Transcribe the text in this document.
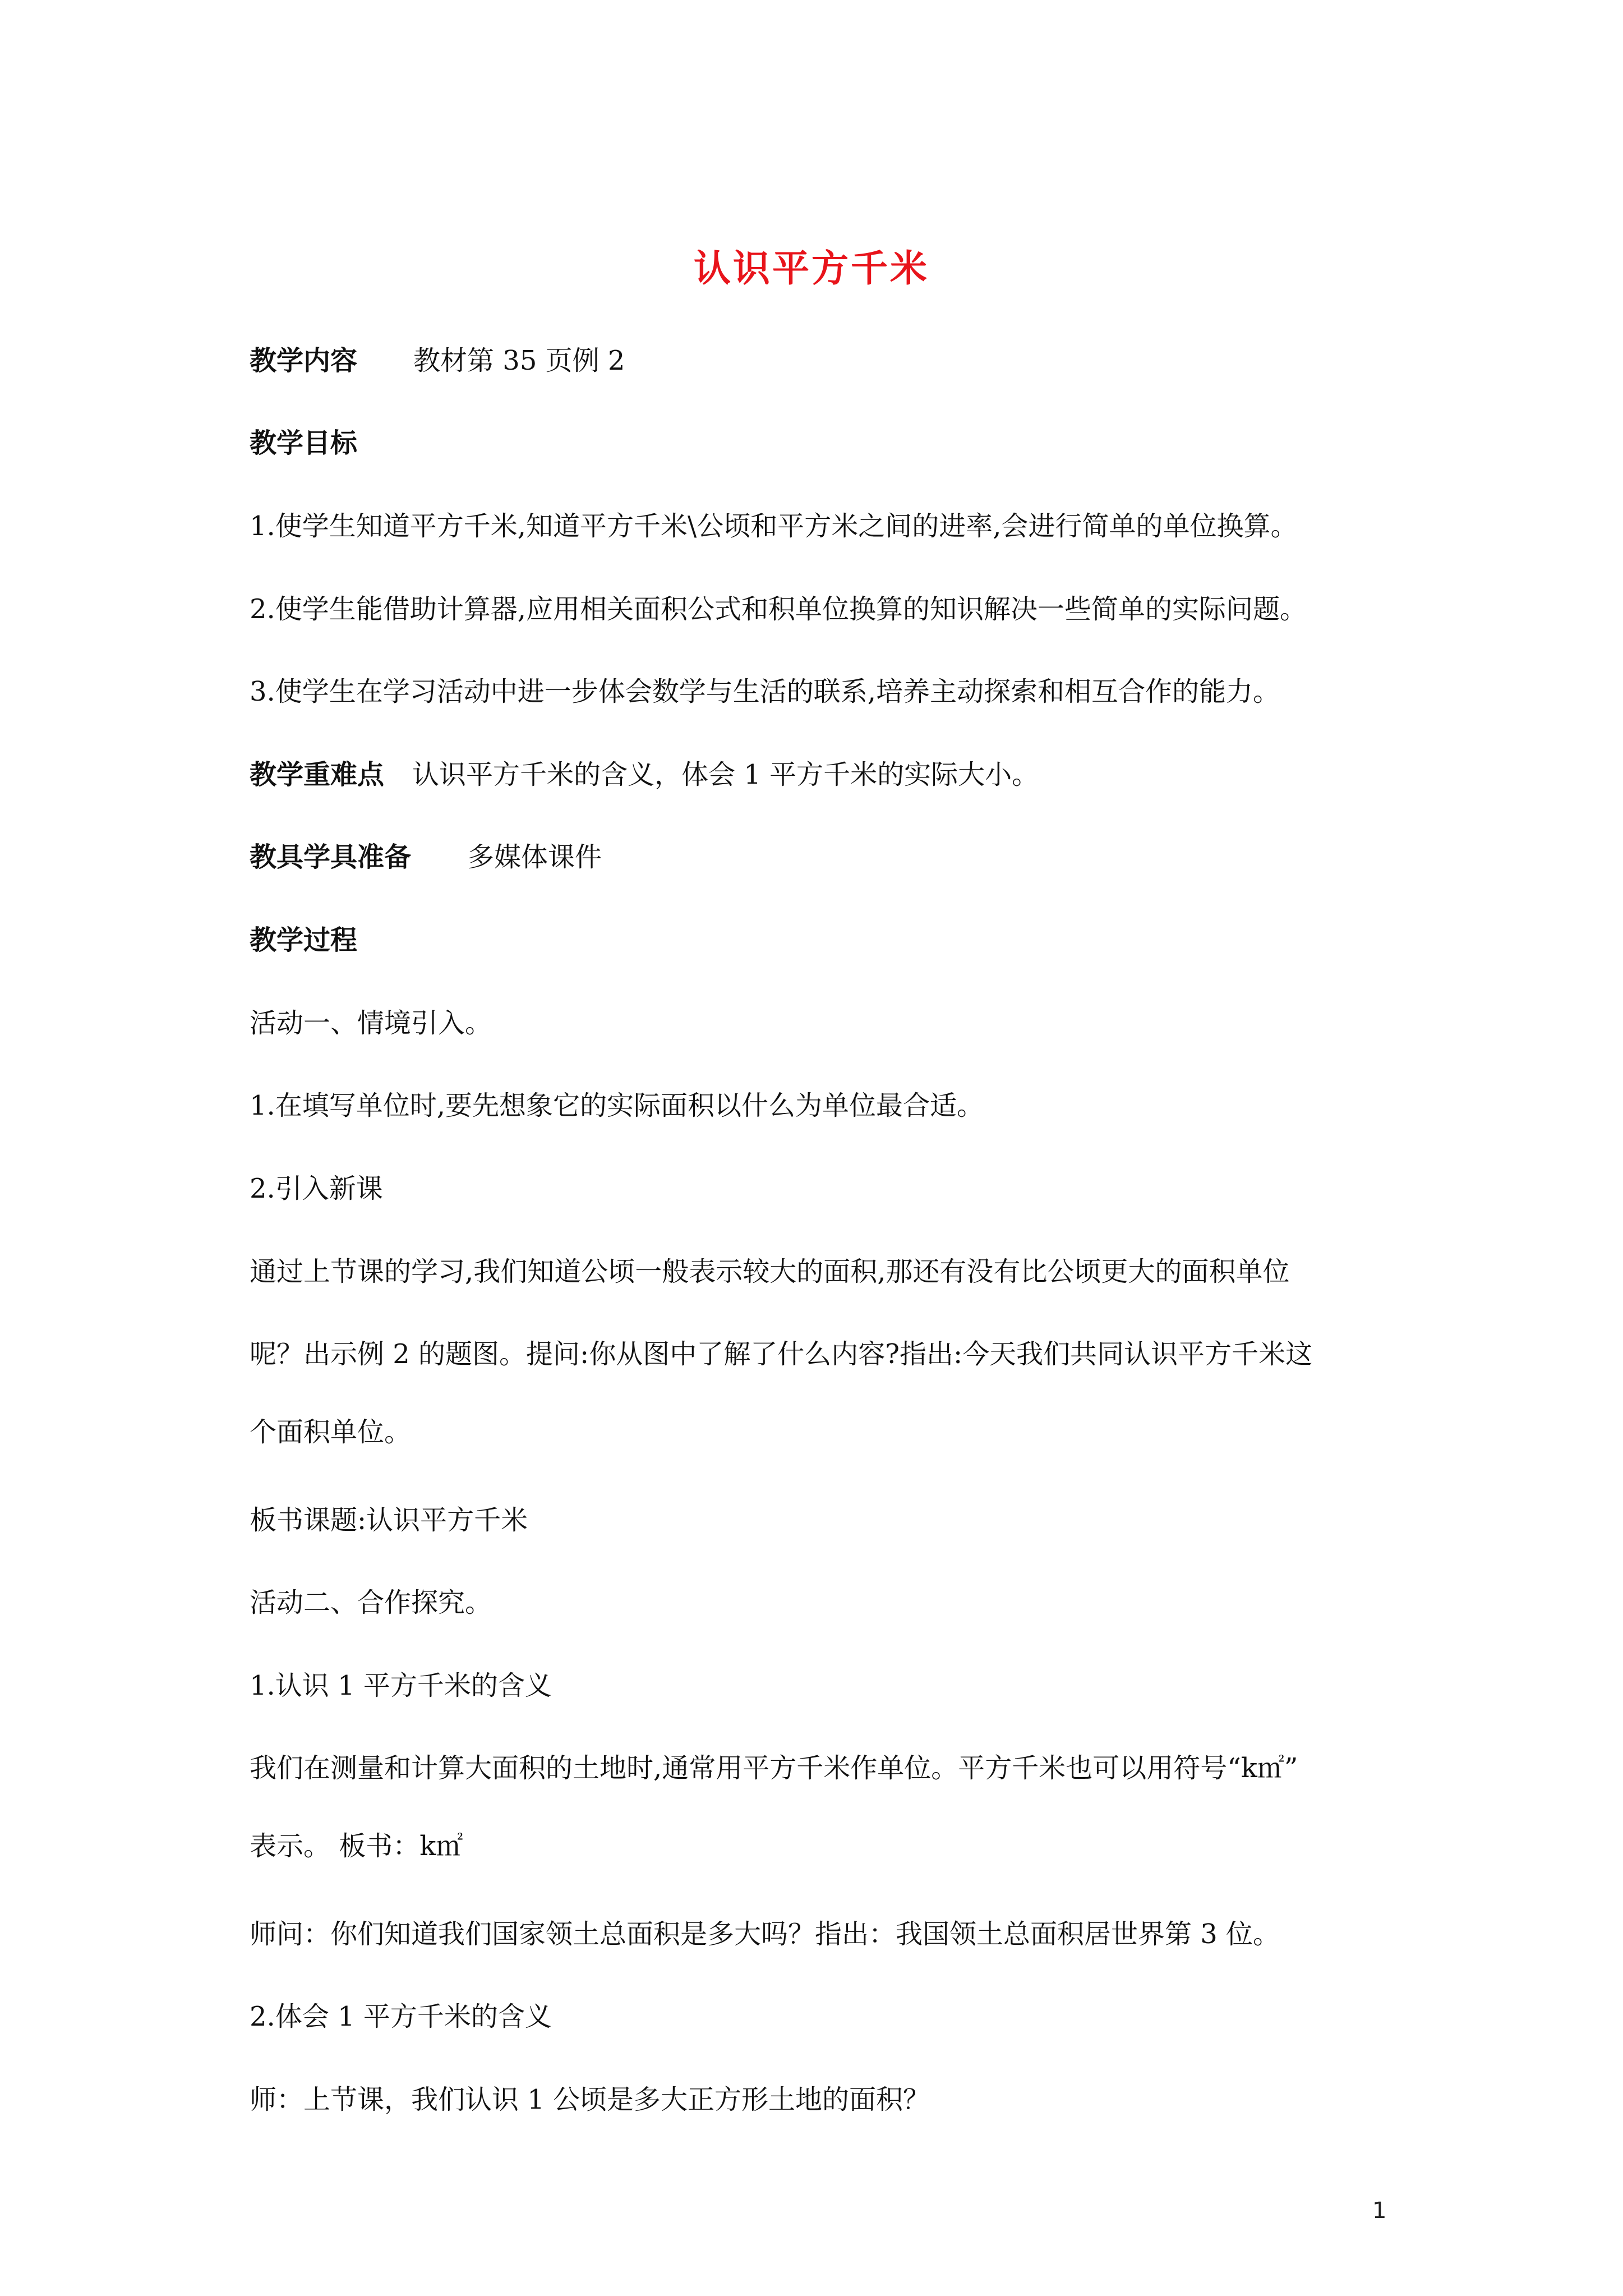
认识平方千米
教学内容 教材第 35 页例 2
教学目标
1.使学生知道平方千米,知道平方千米\公顷和平方米之间的进率,会进行简单的单位换算。
2.使学生能借助计算器,应用相关面积公式和积单位换算的知识解决一些简单的实际问题。
3.使学生在学习活动中进一步体会数学与生活的联系,培养主动探索和相互合作的能力。
教学重难点 认识平方千米的含义，体会 1 平方千米的实际大小。
教具学具准备 多媒体课件
教学过程
活动一、情境引入。
1.在填写单位时,要先想象它的实际面积以什么为单位最合适。
2.引入新课
通过上节课的学习,我们知道公顷一般表示较大的面积,那还有没有比公顷更大的面积单位
呢？出示例 2 的题图。提问:你从图中了解了什么内容?指出:今天我们共同认识平方千米这
个面积单位。
板书课题:认识平方千米
活动二、合作探究。
1.认识 1 平方千米的含义
我们在测量和计算大面积的土地时,通常用平方千米作单位。平方千米也可以用符号“k㎡”
表示。 板书：k㎡
师问：你们知道我们国家领土总面积是多大吗？指出：我国领土总面积居世界第 3 位。
2.体会 1 平方千米的含义
师：上节课，我们认识 1 公顷是多大正方形土地的面积？
1
